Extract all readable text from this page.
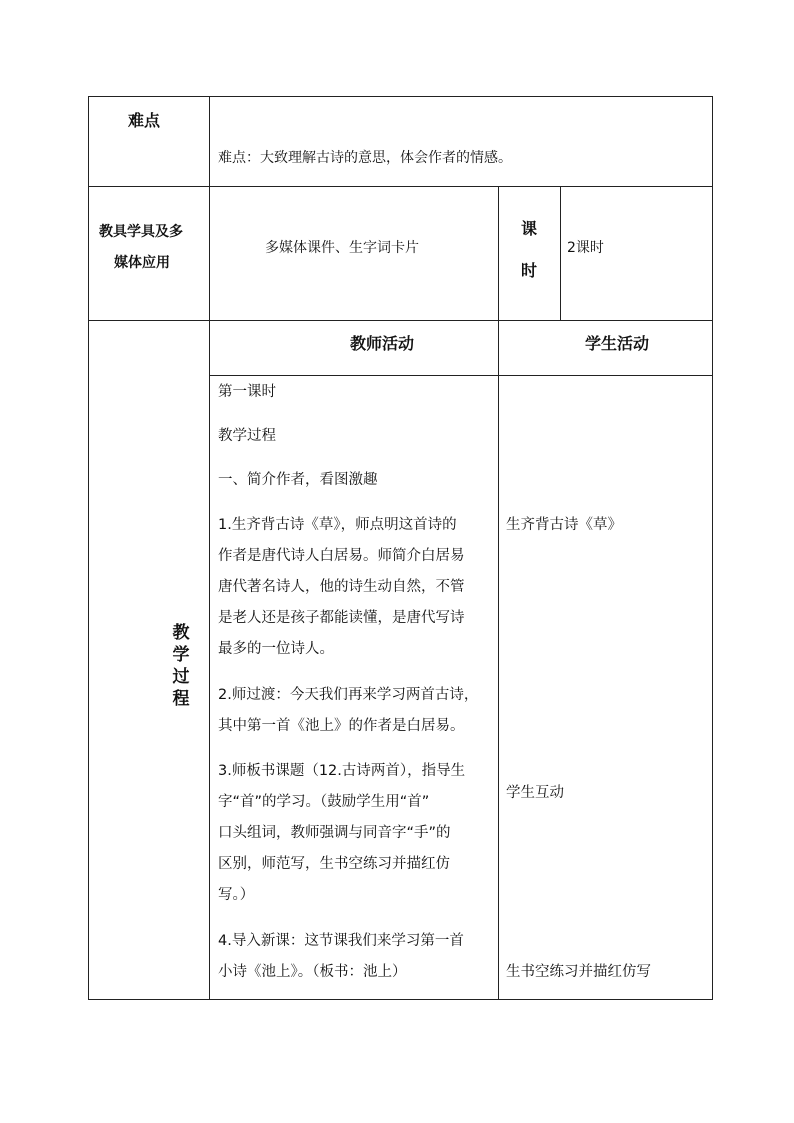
难点
难点：大致理解古诗的意思，体会作者的情感。
教具学具及多
媒体应用
多媒体课件、生字词卡片
课
时
2课时
教师活动	学生活动
教
学
过
程
第一课时
教学过程
一、简介作者，看图激趣
1.生齐背古诗《草》，师点明这首诗的
作者是唐代诗人白居易。师简介白居易
唐代著名诗人，他的诗生动自然，不管
是老人还是孩子都能读懂，是唐代写诗
最多的一位诗人。
2.师过渡：今天我们再来学习两首古诗，
其中第一首《池上》的作者是白居易。
3.师板书课题（12.古诗两首），指导生
字“首”的学习。（鼓励学生用“首”
口头组词，教师强调与同音字“手”的
区别，师范写，生书空练习并描红仿
写。）
4.导入新课：这节课我们来学习第一首
小诗《池上》。（板书：池上）
生齐背古诗《草》
学生互动
生书空练习并描红仿写
